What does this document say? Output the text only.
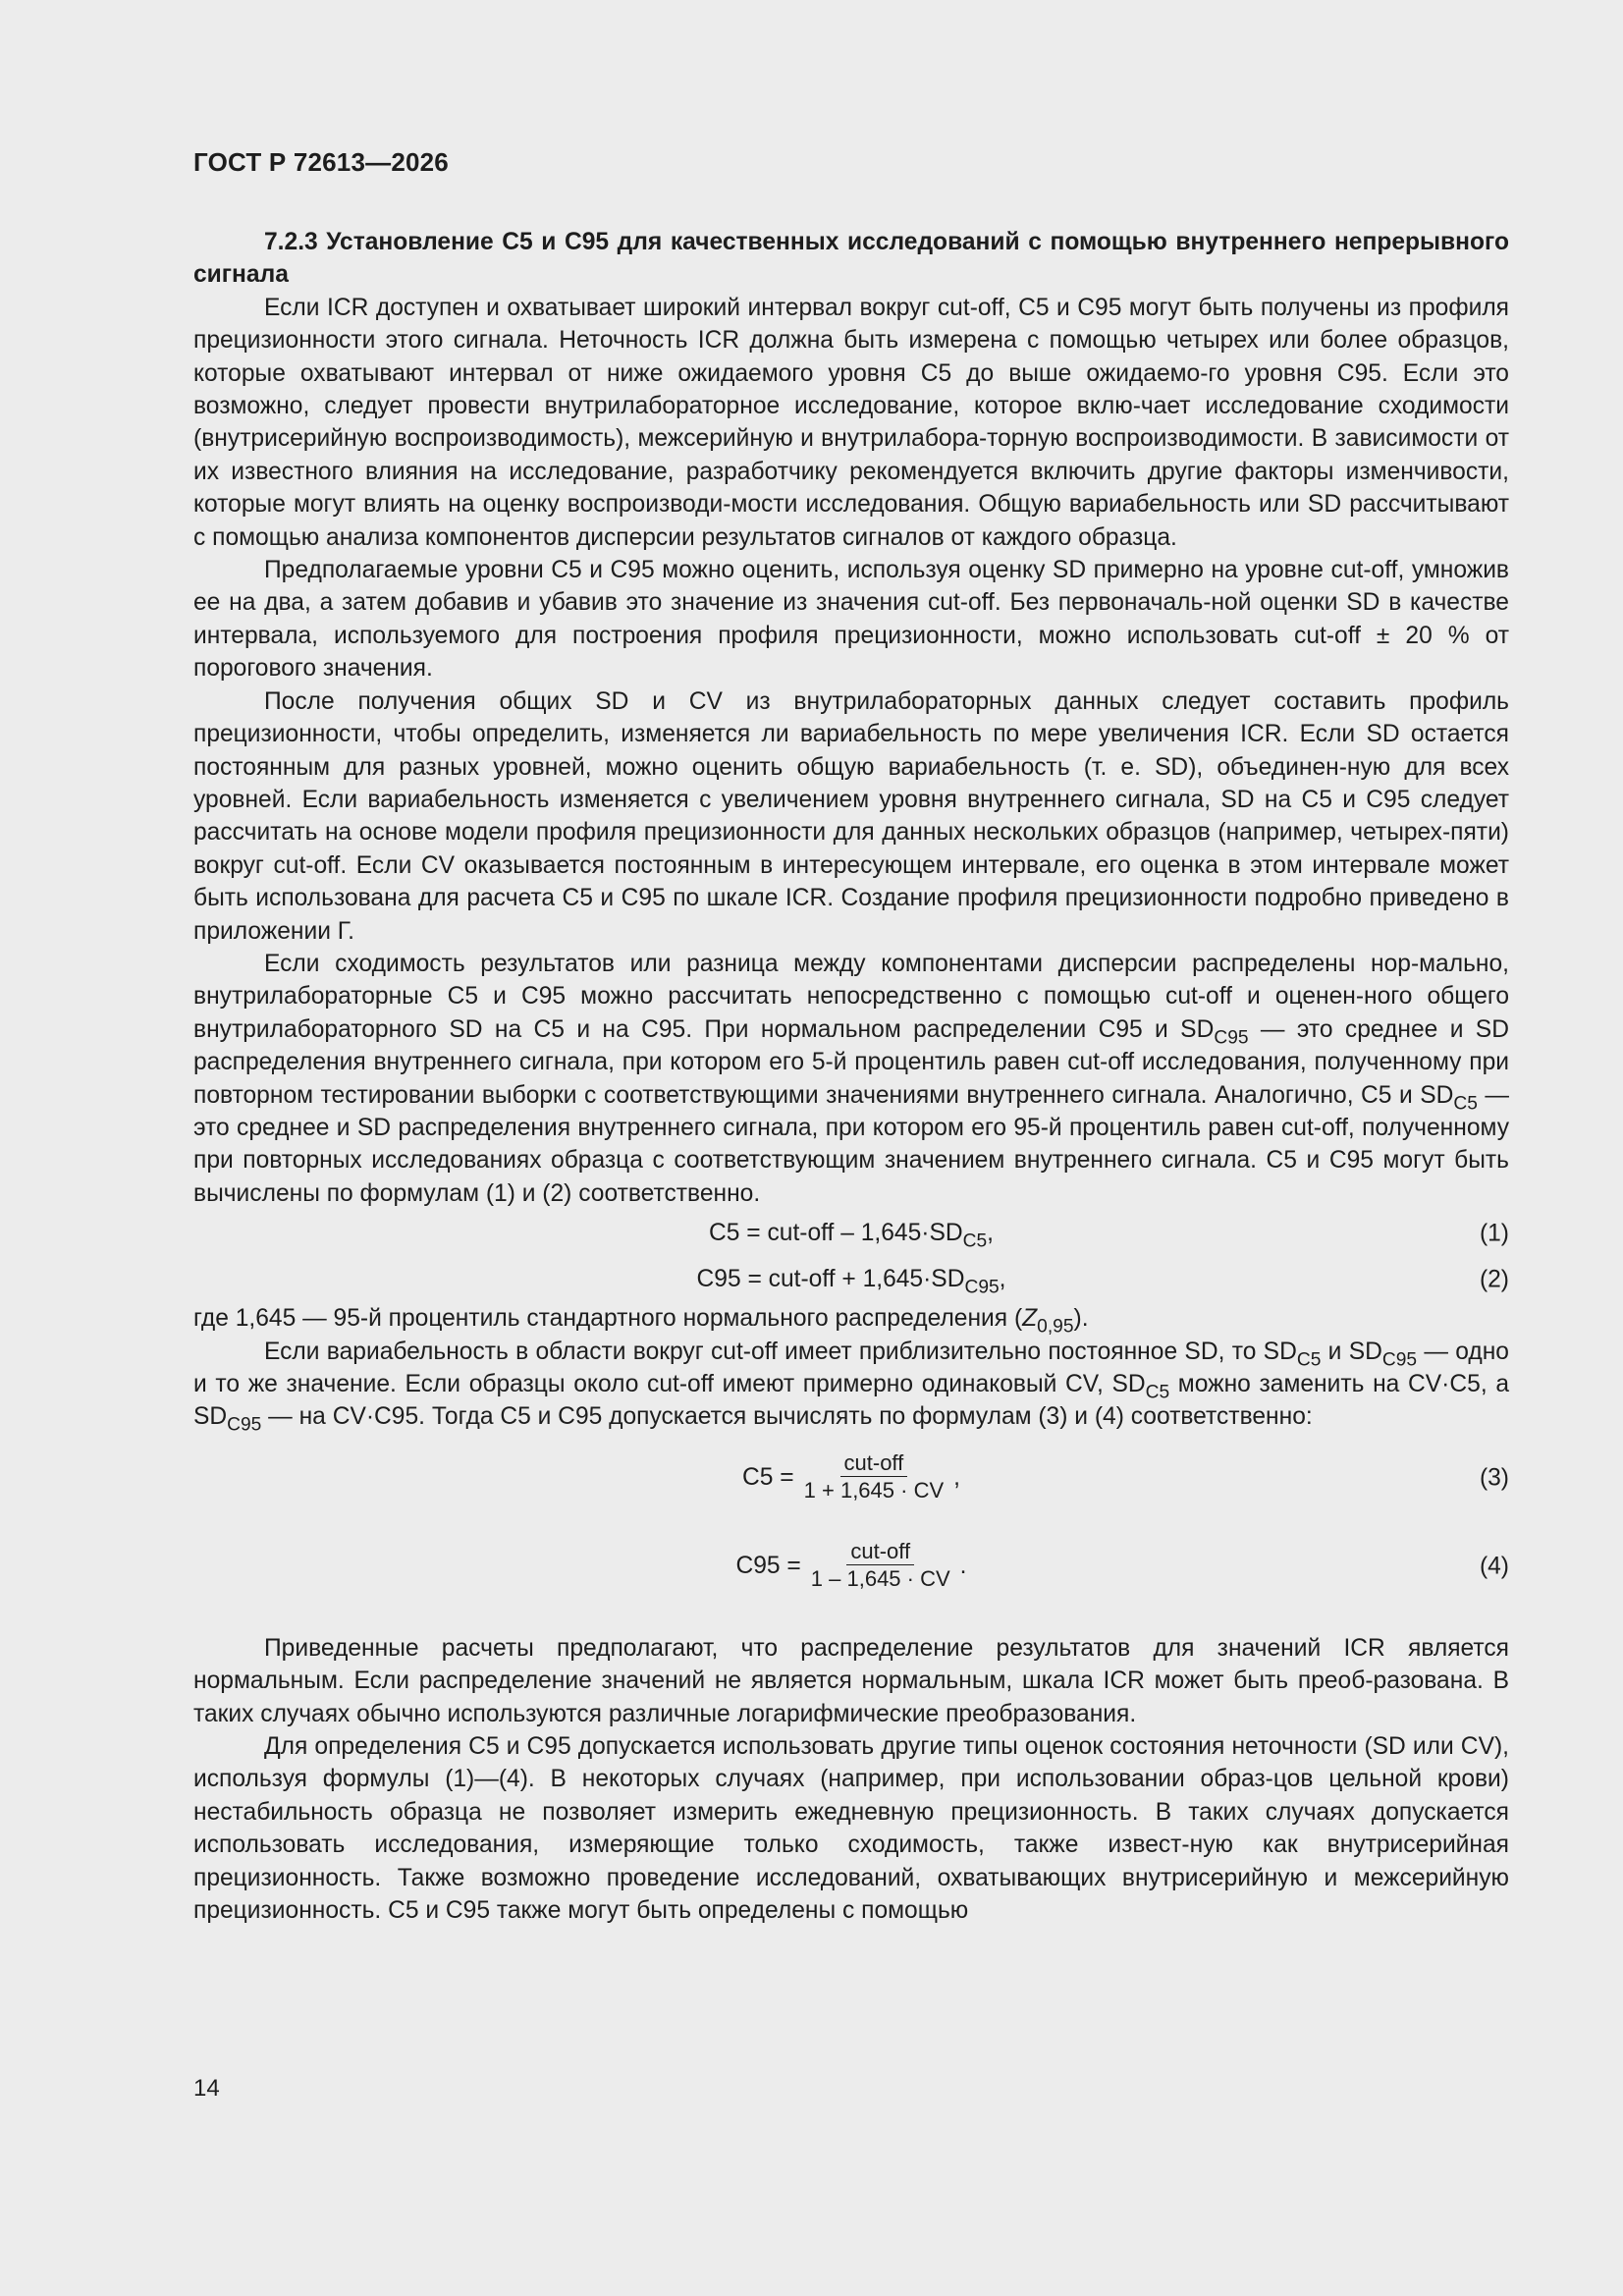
ГОСТ Р 72613—2026

7.2.3 Установление C5 и C95 для качественных исследований с помощью внутреннего непрерывного сигнала

Если ICR доступен и охватывает широкий интервал вокруг cut-off, C5 и C95 могут быть получены из профиля прецизионности этого сигнала. Неточность ICR должна быть измерена с помощью четырех или более образцов, которые охватывают интервал от ниже ожидаемого уровня C5 до выше ожидаемо-го уровня C95. Если это возможно, следует провести внутрилабораторное исследование, которое вклю-чает исследование сходимости (внутрисерийную воспроизводимость), межсерийную и внутрилабора-торную воспроизводимости. В зависимости от их известного влияния на исследование, разработчику рекомендуется включить другие факторы изменчивости, которые могут влиять на оценку воспроизводи-мости исследования. Общую вариабельность или SD рассчитывают с помощью анализа компонентов дисперсии результатов сигналов от каждого образца.

Предполагаемые уровни C5 и C95 можно оценить, используя оценку SD примерно на уровне cut-off, умножив ее на два, а затем добавив и убавив это значение из значения cut-off. Без первоначаль-ной оценки SD в качестве интервала, используемого для построения профиля прецизионности, можно использовать cut-off ± 20 % от порогового значения.

После получения общих SD и CV из внутрилабораторных данных следует составить профиль прецизионности, чтобы определить, изменяется ли вариабельность по мере увеличения ICR. Если SD остается постоянным для разных уровней, можно оценить общую вариабельность (т. е. SD), объединен-ную для всех уровней. Если вариабельность изменяется с увеличением уровня внутреннего сигнала, SD на C5 и C95 следует рассчитать на основе модели профиля прецизионности для данных нескольких образцов (например, четырех-пяти) вокруг cut-off. Если CV оказывается постоянным в интересующем интервале, его оценка в этом интервале может быть использована для расчета C5 и C95 по шкале ICR. Создание профиля прецизионности подробно приведено в приложении Г.

Если сходимость результатов или разница между компонентами дисперсии распределены нор-мально, внутрилабораторные C5 и C95 можно рассчитать непосредственно с помощью cut-off и оценен-ного общего внутрилабораторного SD на C5 и на C95. При нормальном распределении C95 и $SD_{C95}$ — это среднее и SD распределения внутреннего сигнала, при котором его 5-й процентиль равен cut-off исследования, полученному при повторном тестировании выборки с соответствующими значениями внутреннего сигнала. Аналогично, C5 и $SD_{C5}$ — это среднее и SD распределения внутреннего сигнала, при котором его 95-й процентиль равен cut-off, полученному при повторных исследованиях образца с соответствующим значением внутреннего сигнала. C5 и C95 могут быть вычислены по формулам (1) и (2) соответственно.

$C5 = cut-off - 1,645\cdot SD_{C5}$,	(1)
$C95 = cut-off + 1,645\cdot SD_{C95}$,	(2)

где 1,645 — 95-й процентиль стандартного нормального распределения $(Z_{0,95})$.

Если вариабельность в области вокруг cut-off имеет приблизительно постоянное SD, то $SD_{C5}$ и $SD_{C95}$ — одно и то же значение. Если образцы около cut-off имеют примерно одинаковый CV, $SD_{C5}$ можно заменить на CV·C5, а $SD_{C95}$ — на CV·C95. Тогда C5 и C95 допускается вычислять по формулам (3) и (4) соответственно:

$C5 = \frac{\text{cut-off}}{1 + 1,645 \cdot CV}$ ,	(3)
$C95 = \frac{\text{cut-off}}{1 - 1,645 \cdot CV}$ .	(4)

Приведенные расчеты предполагают, что распределение результатов для значений ICR является нормальным. Если распределение значений не является нормальным, шкала ICR может быть преоб-разована. В таких случаях обычно используются различные логарифмические преобразования.

Для определения C5 и C95 допускается использовать другие типы оценок состояния неточности (SD или CV), используя формулы (1)—(4). В некоторых случаях (например, при использовании образ-цов цельной крови) нестабильность образца не позволяет измерить ежедневную прецизионность. В таких случаях допускается использовать исследования, измеряющие только сходимость, также извест-ную как внутрисерийная прецизионность. Также возможно проведение исследований, охватывающих внутрисерийную и межсерийную прецизионность. C5 и C95 также могут быть определены с помощью

14
